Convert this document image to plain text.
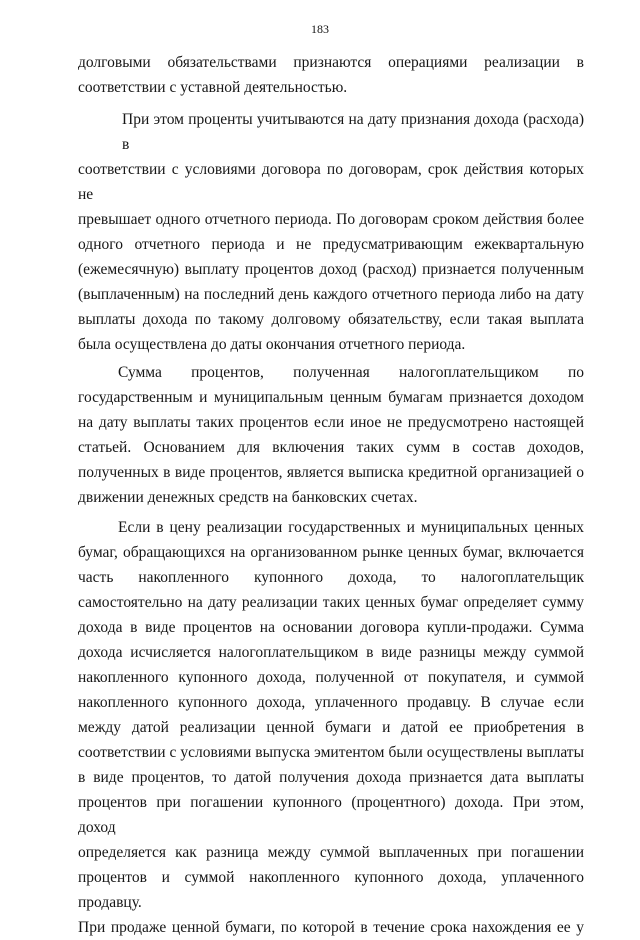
183

долговыми обязательствами признаются операциями реализации в
соответствии с уставной деятельностью.

При этом проценты учитываются на дату признания дохода (расхода) в
соответствии с условиями договора по договорам, срок действия которых не
превышает одного отчетного периода. По договорам сроком действия более
одного отчетного периода и не предусматривающим ежеквартальную
(ежемесячную) выплату процентов доход (расход) признается полученным
(выплаченным) на последний день каждого отчетного периода либо на дату
выплаты дохода по такому долговому обязательству, если такая выплата
была осуществлена до даты окончания отчетного периода.

Сумма процентов, полученная налогоплательщиком по
государственным и муниципальным ценным бумагам признается доходом
на дату выплаты таких процентов если иное не предусмотрено настоящей
статьей. Основанием для включения таких сумм в состав доходов,
полученных в виде процентов, является выписка кредитной организацией о
движении денежных средств на банковских счетах.

Если в цену реализации государственных и муниципальных ценных
бумаг, обращающихся на организованном рынке ценных бумаг, включается
часть накопленного купонного дохода, то налогоплательщик
самостоятельно на дату реализации таких ценных бумаг определяет сумму
дохода в виде процентов на основании договора купли-продажи. Сумма
дохода исчисляется налогоплательщиком в виде разницы между суммой
накопленного купонного дохода, полученной от покупателя, и суммой
накопленного купонного дохода, уплаченного продавцу. В случае если
между датой реализации ценной бумаги и датой ее приобретения в
соответствии с условиями выпуска эмитентом были осуществлены выплаты
в виде процентов, то датой получения дохода признается дата выплаты
процентов при погашении купонного (процентного) дохода. При этом, доход
определяется как разница между суммой выплаченных при погашении
процентов и суммой накопленного купонного дохода, уплаченного продавцу.
При продаже ценной бумаги, по которой в течение срока нахождения ее у
